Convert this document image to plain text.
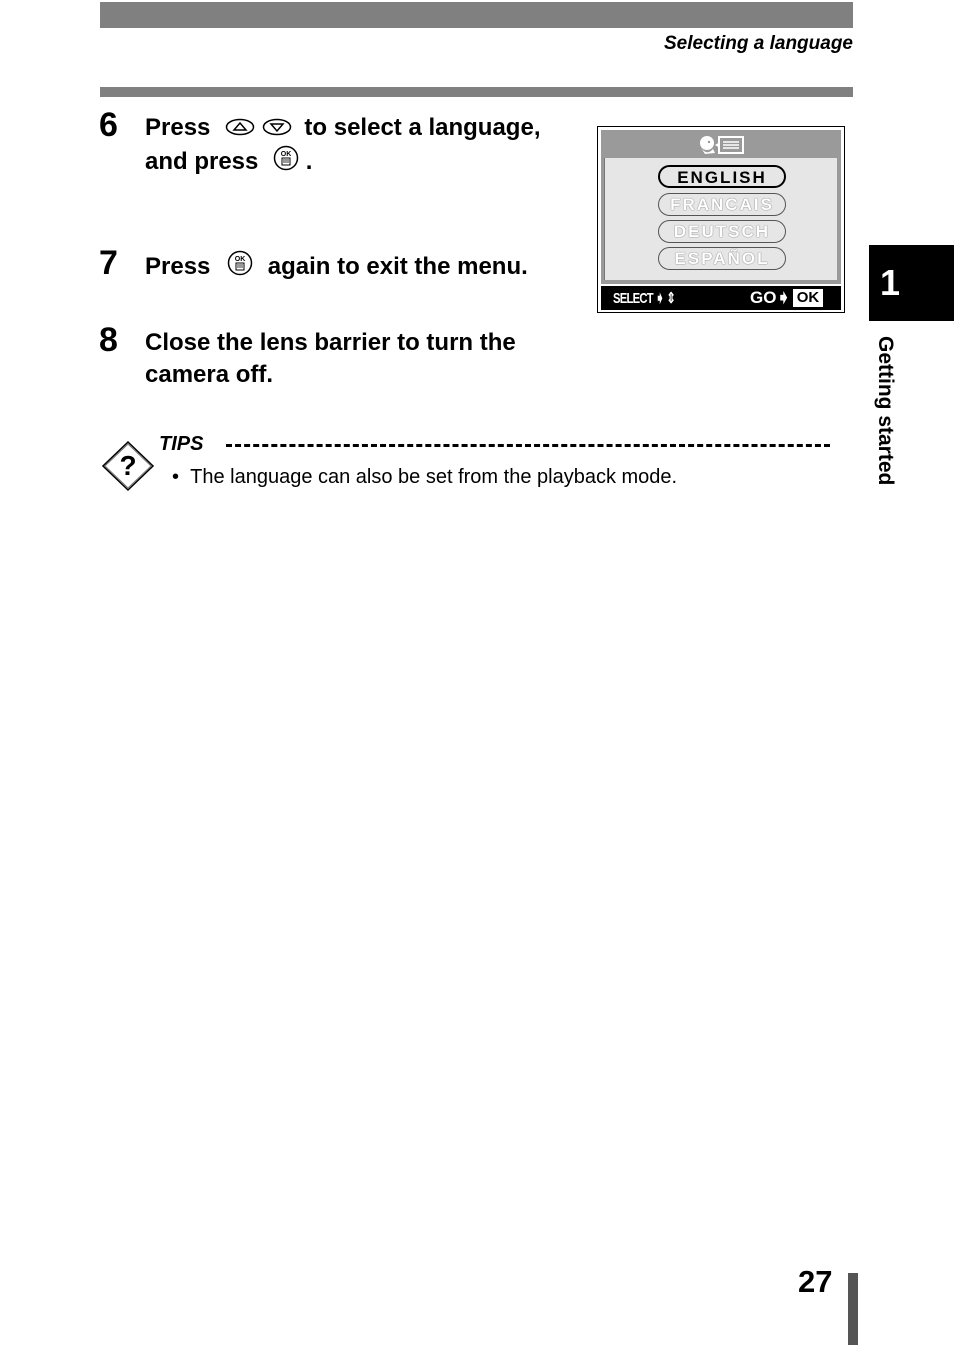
Selecting a language
6 Press	to select a language,
and press	OK .
7 Press	OK again to exit the menu.
8 Close the lens barrier to turn the
camera off.
ENGLISH
FRANCAIS
DEUTSCH
ESPAÑOL
SELECT ➧ ⇕	GO➧ OK 1
Getting started
?
TIPS
•  The language can also be set from the playback mode.
27
